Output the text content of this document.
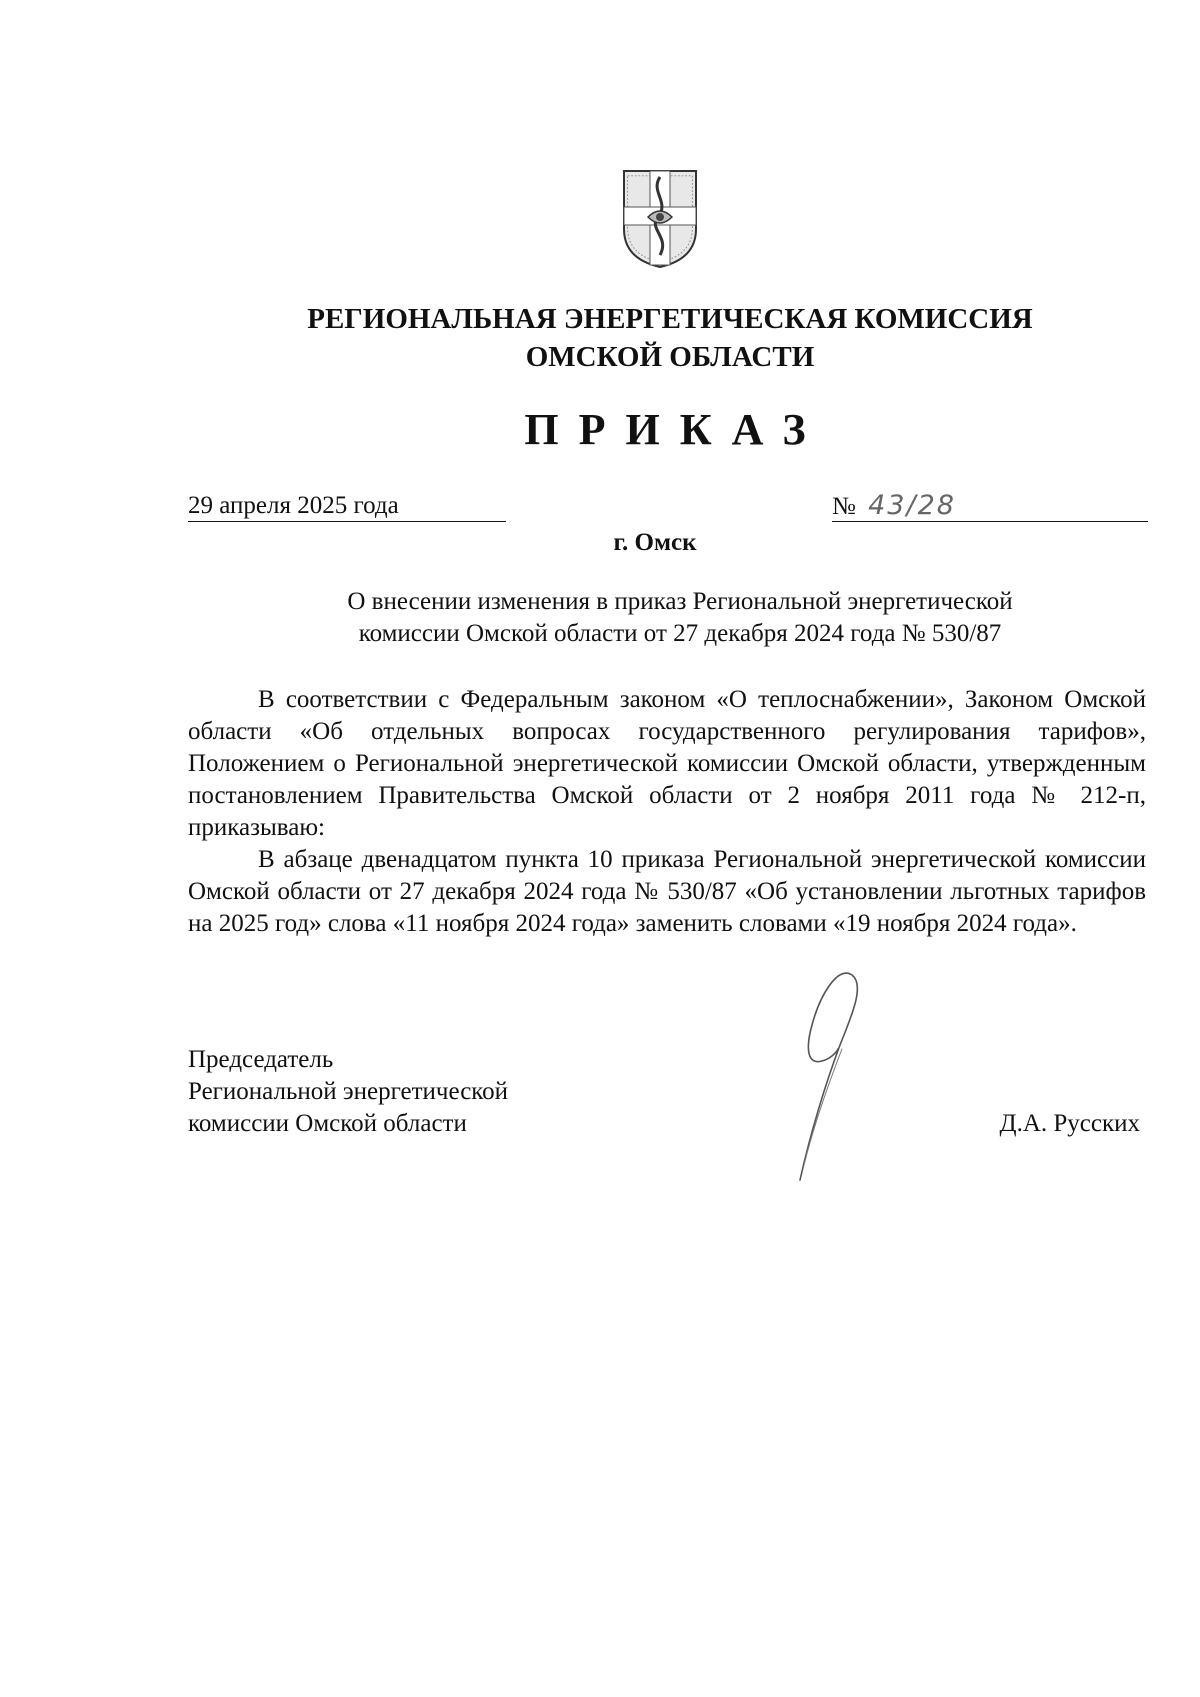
РЕГИОНАЛЬНАЯ ЭНЕРГЕТИЧЕСКАЯ КОМИССИЯ
ОМСКОЙ ОБЛАСТИ
ПРИКАЗ
29 апреля 2025 года	№ 43/28
г. Омск
О внесении изменения в приказ Региональной энергетической
комиссии Омской области от 27 декабря 2024 года № 530/87

В соответствии с Федеральным законом «О теплоснабжении», Законом Омской области «Об отдельных вопросах государственного регулирования тарифов», Положением о Региональной энергетической комиссии Омской области, утвержденным постановлением Правительства Омской области от 2 ноября 2011 года № 212-п, приказываю:

В абзаце двенадцатом пункта 10 приказа Региональной энергетической комиссии Омской области от 27 декабря 2024 года № 530/87 «Об установлении льготных тарифов на 2025 год» слова «11 ноября 2024 года» заменить словами «19 ноября 2024 года».

Председатель
Региональной энергетической
комиссии Омской области	Д.А. Русских
